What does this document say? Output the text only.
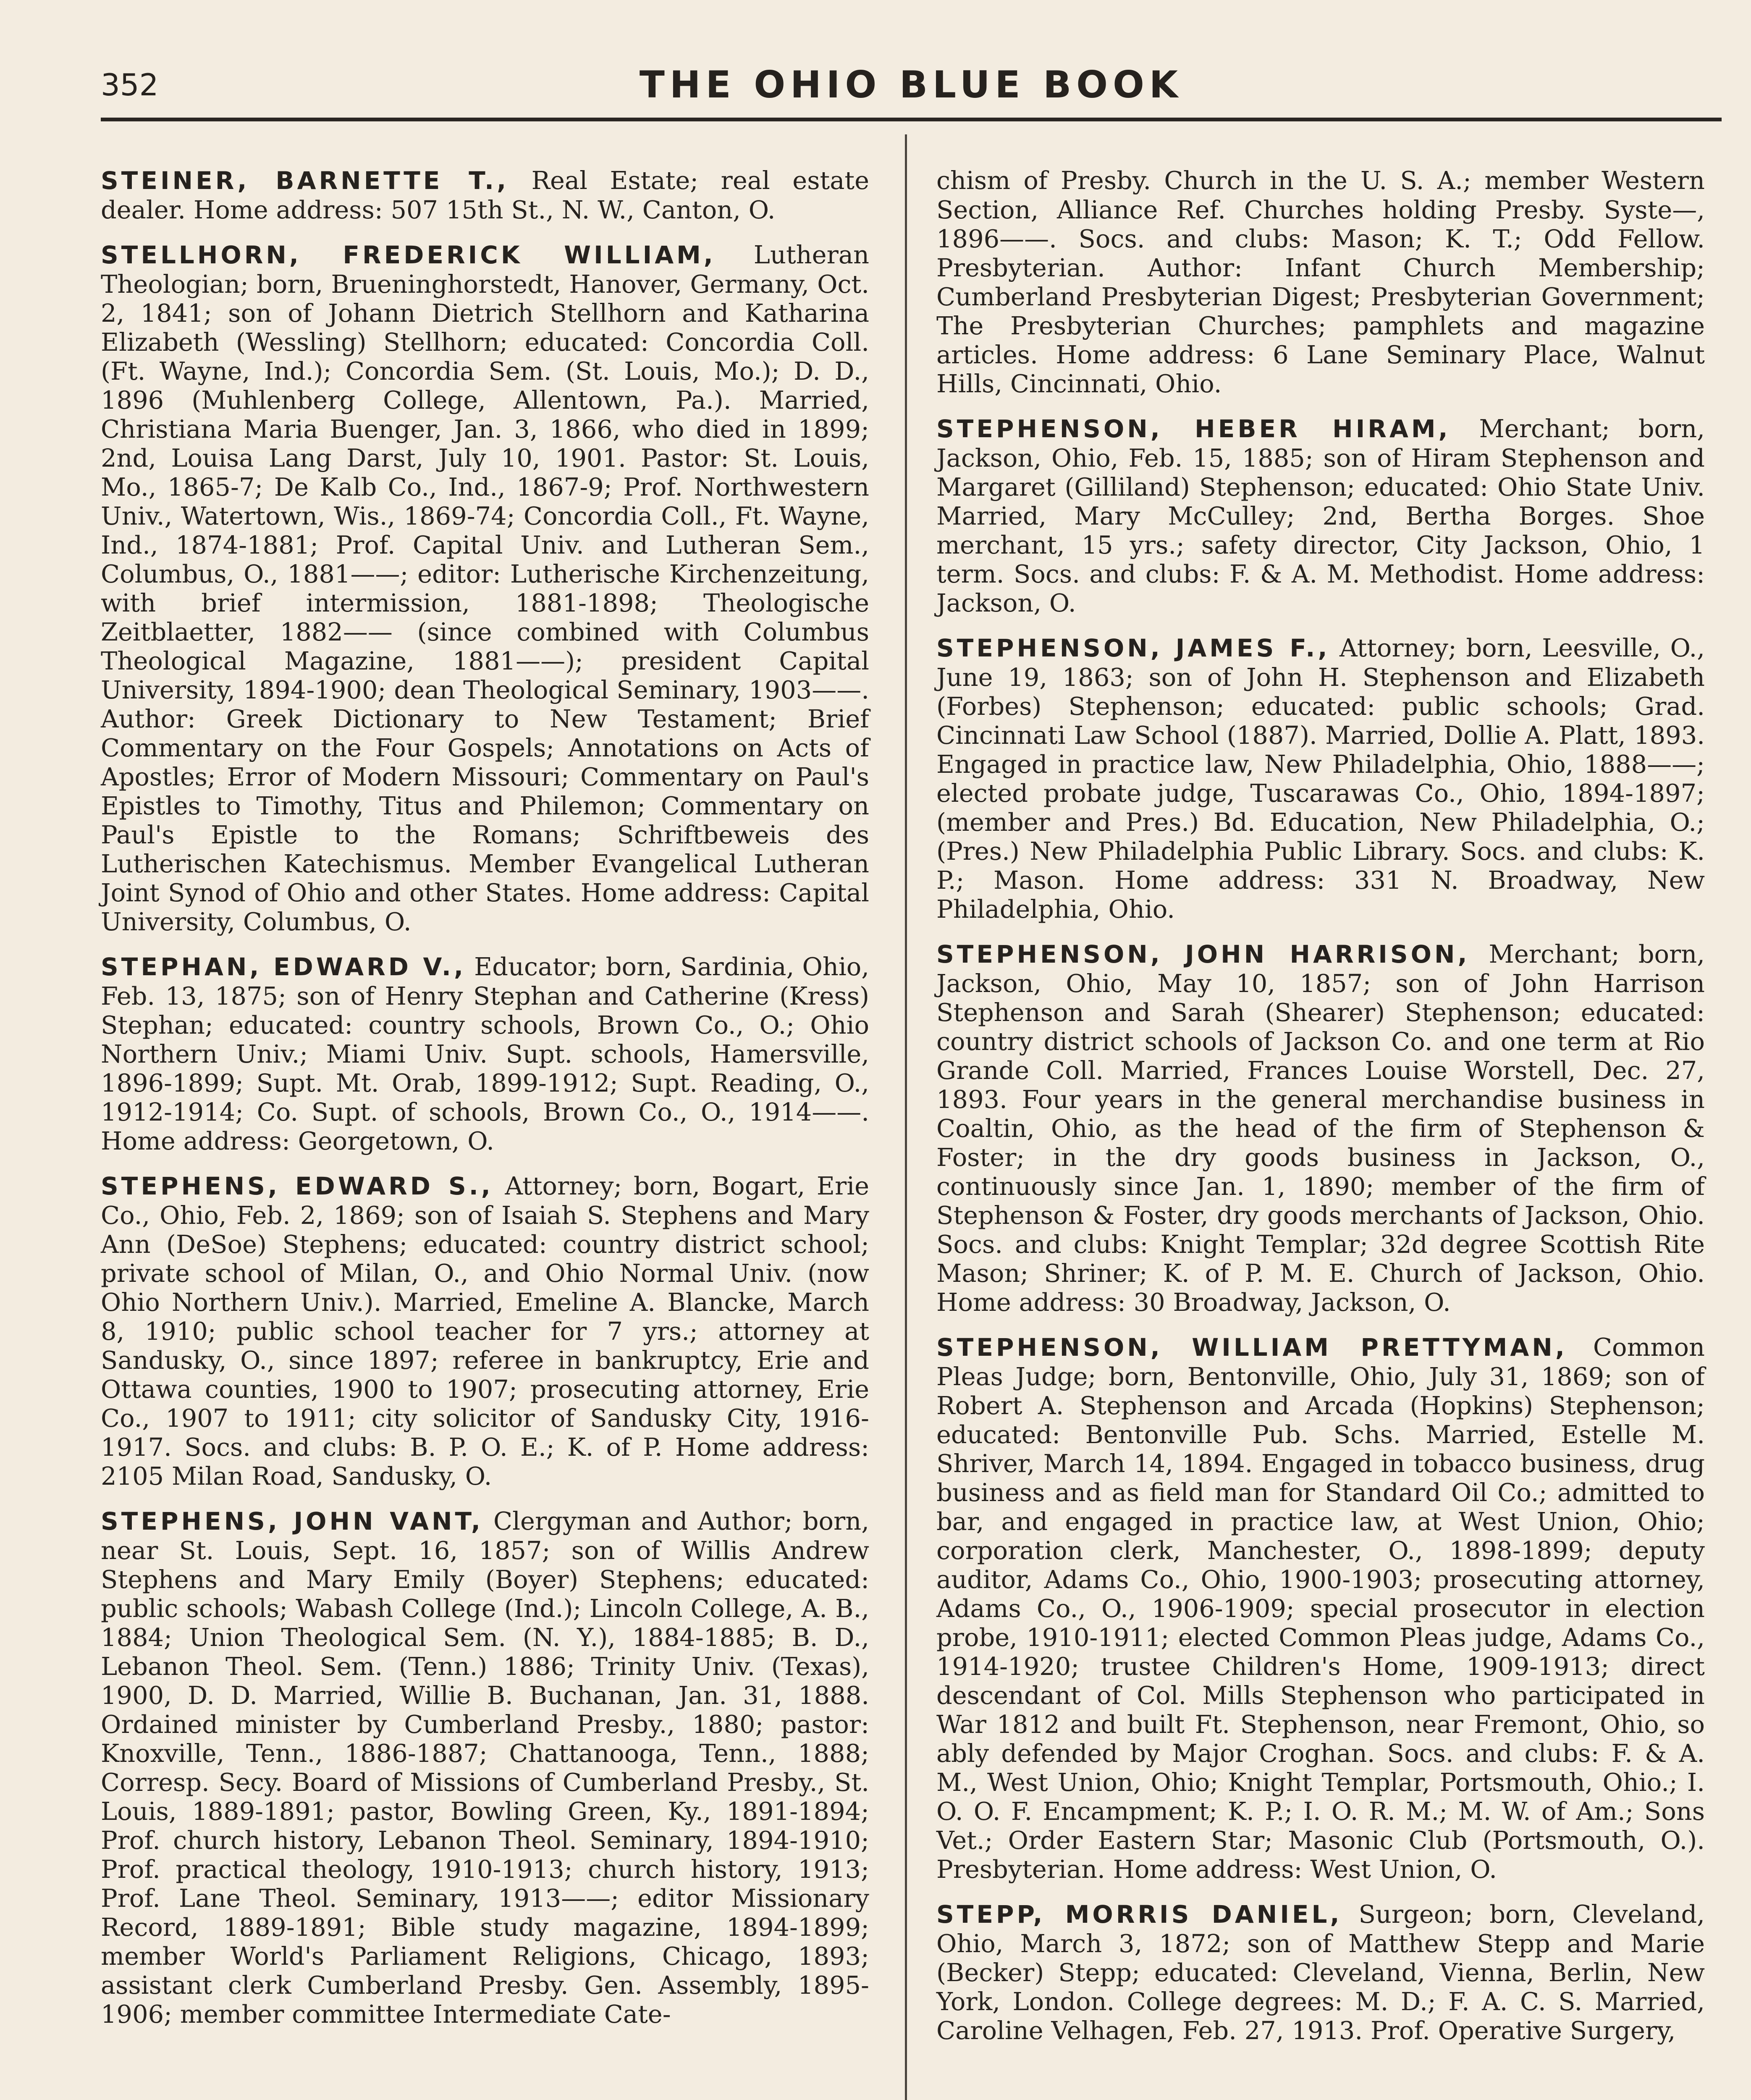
352	THE OHIO BLUE BOOK

STEINER, BARNETTE T., Real Estate; real estate dealer. Home address: 507 15th St., N. W., Canton, O.

STELLHORN, FREDERICK WILLIAM, Lutheran Theologian; born, Brueninghorstedt, Hanover, Germany, Oct. 2, 1841; son of Johann Dietrich Stellhorn and Katharina Elizabeth (Wessling) Stellhorn; educated: Concordia Coll. (Ft. Wayne, Ind.); Concordia Sem. (St. Louis, Mo.); D. D., 1896 (Muhlenberg College, Allentown, Pa.). Married, Christiana Maria Buenger, Jan. 3, 1866, who died in 1899; 2nd, Louisa Lang Darst, July 10, 1901. Pastor: St. Louis, Mo., 1865-7; De Kalb Co., Ind., 1867-9; Prof. Northwestern Univ., Watertown, Wis., 1869-74; Concordia Coll., Ft. Wayne, Ind., 1874-1881; Prof. Capital Univ. and Lutheran Sem., Columbus, O., 1881——; editor: Lutherische Kirchenzeitung, with brief intermission, 1881-1898; Theologische Zeitblaetter, 1882—— (since combined with Columbus Theological Magazine, 1881——); president Capital University, 1894-1900; dean Theological Seminary, 1903——. Author: Greek Dictionary to New Testament; Brief Commentary on the Four Gospels; Annotations on Acts of Apostles; Error of Modern Missouri; Commentary on Paul's Epistles to Timothy, Titus and Philemon; Commentary on Paul's Epistle to the Romans; Schriftbeweis des Lutherischen Katechismus. Member Evangelical Lutheran Joint Synod of Ohio and other States. Home address: Capital University, Columbus, O.

STEPHAN, EDWARD V., Educator; born, Sardinia, Ohio, Feb. 13, 1875; son of Henry Stephan and Catherine (Kress) Stephan; educated: country schools, Brown Co., O.; Ohio Northern Univ.; Miami Univ. Supt. schools, Hamersville, 1896-1899; Supt. Mt. Orab, 1899-1912; Supt. Reading, O., 1912-1914; Co. Supt. of schools, Brown Co., O., 1914——. Home address: Georgetown, O.

STEPHENS, EDWARD S., Attorney; born, Bogart, Erie Co., Ohio, Feb. 2, 1869; son of Isaiah S. Stephens and Mary Ann (DeSoe) Stephens; educated: country district school; private school of Milan, O., and Ohio Normal Univ. (now Ohio Northern Univ.). Married, Emeline A. Blancke, March 8, 1910; public school teacher for 7 yrs.; attorney at Sandusky, O., since 1897; referee in bankruptcy, Erie and Ottawa counties, 1900 to 1907; prosecuting attorney, Erie Co., 1907 to 1911; city solicitor of Sandusky City, 1916-1917. Socs. and clubs: B. P. O. E.; K. of P. Home address: 2105 Milan Road, Sandusky, O.

STEPHENS, JOHN VANT, Clergyman and Author; born, near St. Louis, Sept. 16, 1857; son of Willis Andrew Stephens and Mary Emily (Boyer) Stephens; educated: public schools; Wabash College (Ind.); Lincoln College, A. B., 1884; Union Theological Sem. (N. Y.), 1884-1885; B. D., Lebanon Theol. Sem. (Tenn.) 1886; Trinity Univ. (Texas), 1900, D. D. Married, Willie B. Buchanan, Jan. 31, 1888. Ordained minister by Cumberland Presby., 1880; pastor: Knoxville, Tenn., 1886-1887; Chattanooga, Tenn., 1888; Corresp. Secy. Board of Missions of Cumberland Presby., St. Louis, 1889-1891; pastor, Bowling Green, Ky., 1891-1894; Prof. church history, Lebanon Theol. Seminary, 1894-1910; Prof. practical theology, 1910-1913; church history, 1913; Prof. Lane Theol. Seminary, 1913——; editor Missionary Record, 1889-1891; Bible study magazine, 1894-1899; member World's Parliament Religions, Chicago, 1893; assistant clerk Cumberland Presby. Gen. Assembly, 1895-1906; member committee Intermediate Cate-

chism of Presby. Church in the U. S. A.; member Western Section, Alliance Ref. Churches holding Presby. Syste—, 1896——. Socs. and clubs: Mason; K. T.; Odd Fellow. Presbyterian. Author: Infant Church Membership; Cumberland Presbyterian Digest; Presbyterian Government; The Presbyterian Churches; pamphlets and magazine articles. Home address: 6 Lane Seminary Place, Walnut Hills, Cincinnati, Ohio.

STEPHENSON, HEBER HIRAM, Merchant; born, Jackson, Ohio, Feb. 15, 1885; son of Hiram Stephenson and Margaret (Gilliland) Stephenson; educated: Ohio State Univ. Married, Mary McCulley; 2nd, Bertha Borges. Shoe merchant, 15 yrs.; safety director, City Jackson, Ohio, 1 term. Socs. and clubs: F. & A. M. Methodist. Home address: Jackson, O.

STEPHENSON, JAMES F., Attorney; born, Leesville, O., June 19, 1863; son of John H. Stephenson and Elizabeth (Forbes) Stephenson; educated: public schools; Grad. Cincinnati Law School (1887). Married, Dollie A. Platt, 1893. Engaged in practice law, New Philadelphia, Ohio, 1888——; elected probate judge, Tuscarawas Co., Ohio, 1894-1897; (member and Pres.) Bd. Education, New Philadelphia, O.; (Pres.) New Philadelphia Public Library. Socs. and clubs: K. P.; Mason. Home address: 331 N. Broadway, New Philadelphia, Ohio.

STEPHENSON, JOHN HARRISON, Merchant; born, Jackson, Ohio, May 10, 1857; son of John Harrison Stephenson and Sarah (Shearer) Stephenson; educated: country district schools of Jackson Co. and one term at Rio Grande Coll. Married, Frances Louise Worstell, Dec. 27, 1893. Four years in the general merchandise business in Coaltin, Ohio, as the head of the firm of Stephenson & Foster; in the dry goods business in Jackson, O., continuously since Jan. 1, 1890; member of the firm of Stephenson & Foster, dry goods merchants of Jackson, Ohio. Socs. and clubs: Knight Templar; 32d degree Scottish Rite Mason; Shriner; K. of P. M. E. Church of Jackson, Ohio. Home address: 30 Broadway, Jackson, O.

STEPHENSON, WILLIAM PRETTYMAN, Common Pleas Judge; born, Bentonville, Ohio, July 31, 1869; son of Robert A. Stephenson and Arcada (Hopkins) Stephenson; educated: Bentonville Pub. Schs. Married, Estelle M. Shriver, March 14, 1894. Engaged in tobacco business, drug business and as field man for Standard Oil Co.; admitted to bar, and engaged in practice law, at West Union, Ohio; corporation clerk, Manchester, O., 1898-1899; deputy auditor, Adams Co., Ohio, 1900-1903; prosecuting attorney, Adams Co., O., 1906-1909; special prosecutor in election probe, 1910-1911; elected Common Pleas judge, Adams Co., 1914-1920; trustee Children's Home, 1909-1913; direct descendant of Col. Mills Stephenson who participated in War 1812 and built Ft. Stephenson, near Fremont, Ohio, so ably defended by Major Croghan. Socs. and clubs: F. & A. M., West Union, Ohio; Knight Templar, Portsmouth, Ohio.; I. O. O. F. Encampment; K. P.; I. O. R. M.; M. W. of Am.; Sons Vet.; Order Eastern Star; Masonic Club (Portsmouth, O.). Presbyterian. Home address: West Union, O.

STEPP, MORRIS DANIEL, Surgeon; born, Cleveland, Ohio, March 3, 1872; son of Matthew Stepp and Marie (Becker) Stepp; educated: Cleveland, Vienna, Berlin, New York, London. College degrees: M. D.; F. A. C. S. Married, Caroline Velhagen, Feb. 27, 1913. Prof. Operative Surgery,
